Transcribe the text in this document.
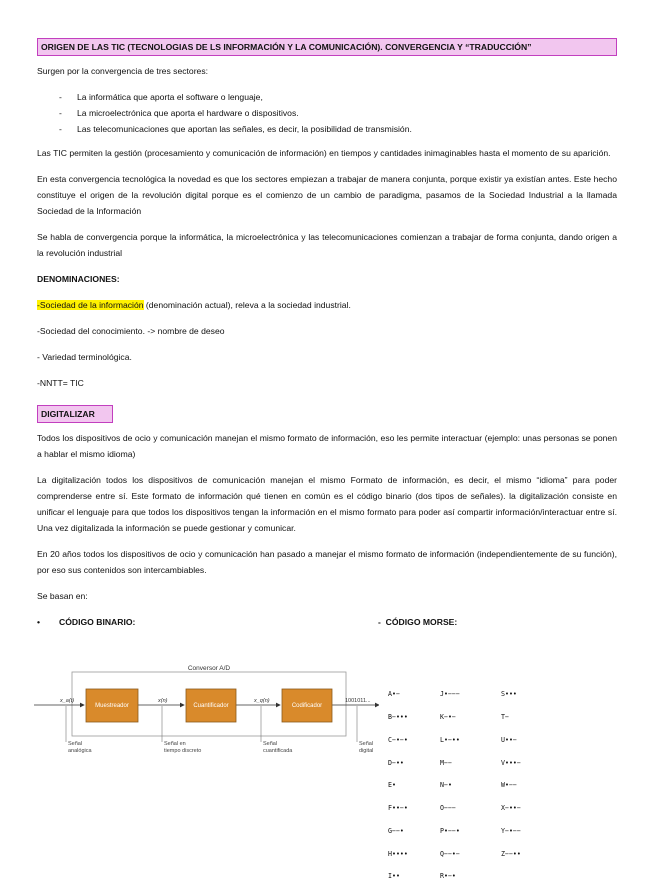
ORIGEN DE LAS TIC (TECNOLOGIAS DE LS INFORMACIÓN Y LA COMUNICACIÓN). CONVERGENCIA Y “TRADUCCIÓN”

Surgen por la convergencia de tres sectores:

- La informática que aporta el software o lenguaje,
- La microelectrónica que aporta el hardware o dispositivos.
- Las telecomunicaciones que aportan las señales, es decir, la posibilidad de transmisión.

Las TIC permiten la gestión (procesamiento y comunicación de información) en tiempos y cantidades inimaginables hasta el momento de su aparición.

En esta convergencia tecnológica la novedad es que los sectores empiezan a trabajar de manera conjunta, porque existir ya existían antes. Este hecho constituye el origen de la revolución digital porque es el comienzo de un cambio de paradigma, pasamos de la Sociedad Industrial a la llamada Sociedad de la Información

Se habla de convergencia porque la informática, la microelectrónica y las telecomunicaciones comienzan a trabajar de forma conjunta, dando origen a la revolución industrial

DENOMINACIONES:

-Sociedad de la información (denominación actual), releva a la sociedad industrial.

-Sociedad del conocimiento. -> nombre de deseo

- Variedad terminológica.

-NNTT= TIC

DIGITALIZAR

Todos los dispositivos de ocio y comunicación manejan el mismo formato de información, eso les permite interactuar (ejemplo: unas personas se ponen a hablar el mismo idioma)

La digitalización todos los dispositivos de comunicación manejan el mismo Formato de información, es decir, el mismo “idioma” para poder comprenderse entre sí. Este formato de información qué tienen en común es el código binario (dos tipos de señales). la digitalización consiste en unificar el lenguaje para que todos los dispositivos tengan la información en el mismo formato para poder así compartir información/interactuar entre sí. Una vez digitalizada la información se puede gestionar y comunicar.

En 20 años todos los dispositivos de ocio y comunicación han pasado a manejar el mismo formato de información (independientemente de su función), por eso sus contenidos son intercambiables.

Se basan en:

• CÓDIGO BINARIO:	- CÓDIGO MORSE:
Conversor A/D
Muestreador	Cuantificador	Codificador
x_a(t)	x(n)	x_q(n)	1001011...
Señal
analógica
Señal en
tiempo discreto
Señal
cuantificada
Señal
digital

A•−

B−•••

C−•−•

D−••

E•

F••−•

G−−•

H••••

I••

J•−−−

K−•−

L•−••

M−−

N−•

O−−−

P•−−•

Q−−•−

R•−•

S•••

T−

U••−

V•••−

W•−−

X−••−

Y−•−−

Z−−••
